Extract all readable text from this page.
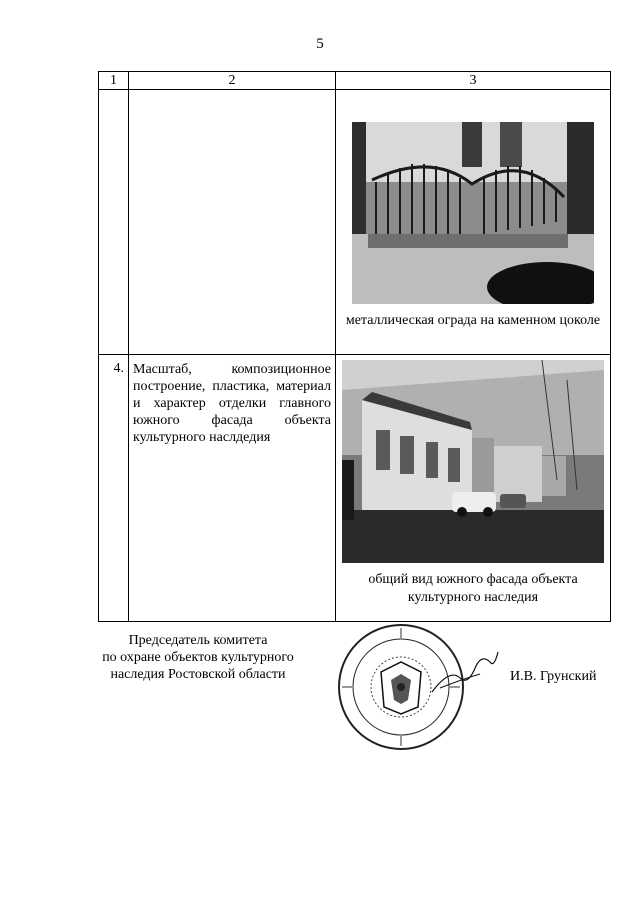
5
1	2	3

		металлическая ограда на каменном цоколе

4.	Масштаб, композиционное построение, пластика, материал и характер отделки главного южного фасада объекта культурного наслдедия	общий вид южного фасада объекта культурного наследия
Председатель комитета
по охране объектов культурного
наследия Ростовской области	И.В. Грунский
